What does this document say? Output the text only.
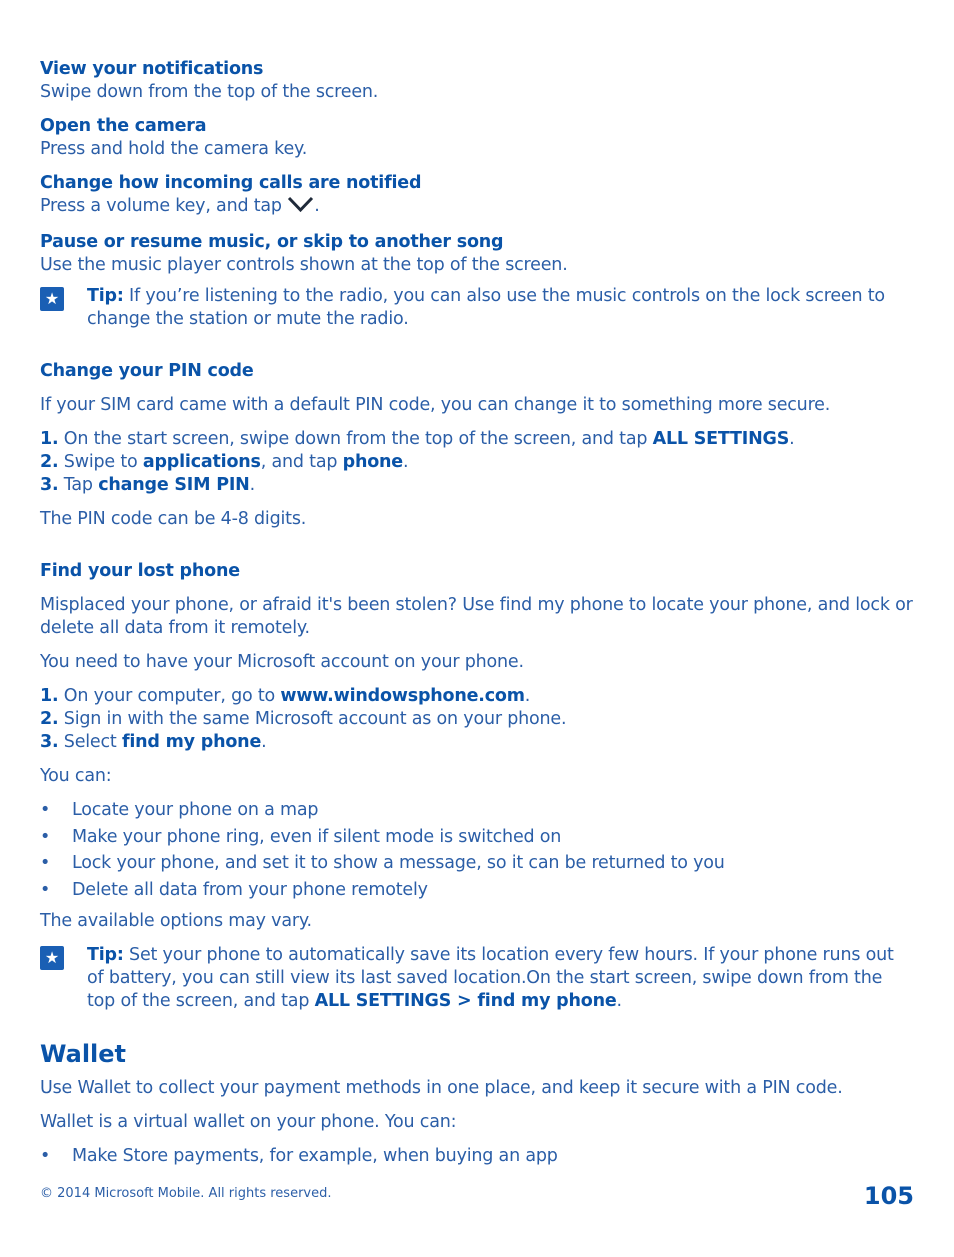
View your notifications

Swipe down from the top of the screen.

Open the camera

Press and hold the camera key.

Change how incoming calls are notified

Press a volume key, and tap .

Pause or resume music, or skip to another song

Use the music player controls shown at the top of the screen.

★ Tip: If you’re listening to the radio, you can also use the music controls on the lock screen to change the station or mute the radio.

Change your PIN code

If your SIM card came with a default PIN code, you can change it to something more secure.

1. On the start screen, swipe down from the top of the screen, and tap ALL SETTINGS.
2. Swipe to applications, and tap phone.
3. Tap change SIM PIN.

The PIN code can be 4-8 digits.

Find your lost phone

Misplaced your phone, or afraid it's been stolen? Use find my phone to locate your phone, and lock or delete all data from it remotely.

You need to have your Microsoft account on your phone.

1. On your computer, go to www.windowsphone.com.
2. Sign in with the same Microsoft account as on your phone.
3. Select find my phone.

You can:

• Locate your phone on a map
• Make your phone ring, even if silent mode is switched on
• Lock your phone, and set it to show a message, so it can be returned to you
• Delete all data from your phone remotely

The available options may vary.

★ Tip: Set your phone to automatically save its location every few hours. If your phone runs out of battery, you can still view its last saved location.On the start screen, swipe down from the top of the screen, and tap ALL SETTINGS > find my phone.

Wallet

Use Wallet to collect your payment methods in one place, and keep it secure with a PIN code.

Wallet is a virtual wallet on your phone. You can:

• Make Store payments, for example, when buying an app
© 2014 Microsoft Mobile. All rights reserved.	105
